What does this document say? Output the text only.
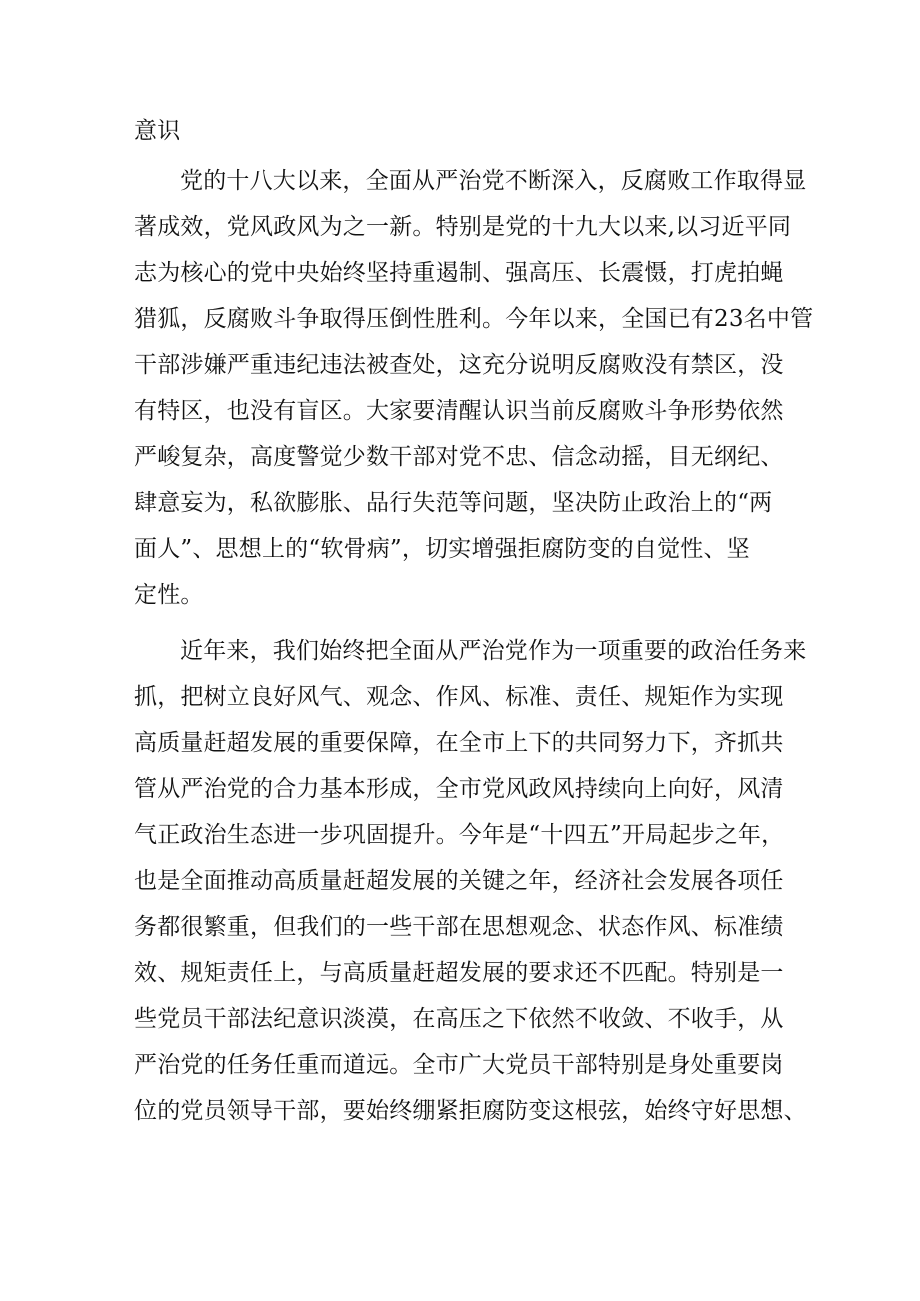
意识
党的十八大以来，全面从严治党不断深入，反腐败工作取得显
著成效，党风政风为之一新。特别是党的十九大以来,以习近平同
志为核心的党中央始终坚持重遏制、强高压、长震慑，打虎拍蝇
猎狐，反腐败斗争取得压倒性胜利。今年以来，全国已有23名中管
干部涉嫌严重违纪违法被查处，这充分说明反腐败没有禁区，没
有特区，也没有盲区。大家要清醒认识当前反腐败斗争形势依然
严峻复杂，高度警觉少数干部对党不忠、信念动摇，目无纲纪、
肆意妄为，私欲膨胀、品行失范等问题，坚决防止政治上的“两
面人”、思想上的“软骨病”，切实增强拒腐防变的自觉性、坚
定性。
近年来，我们始终把全面从严治党作为一项重要的政治任务来
抓，把树立良好风气、观念、作风、标准、责任、规矩作为实现
高质量赶超发展的重要保障，在全市上下的共同努力下，齐抓共
管从严治党的合力基本形成，全市党风政风持续向上向好，风清
气正政治生态进一步巩固提升。今年是“十四五”开局起步之年，
也是全面推动高质量赶超发展的关键之年，经济社会发展各项任
务都很繁重，但我们的一些干部在思想观念、状态作风、标准绩
效、规矩责任上，与高质量赶超发展的要求还不匹配。特别是一
些党员干部法纪意识淡漠，在高压之下依然不收敛、不收手，从
严治党的任务任重而道远。全市广大党员干部特别是身处重要岗
位的党员领导干部，要始终绷紧拒腐防变这根弦，始终守好思想、
